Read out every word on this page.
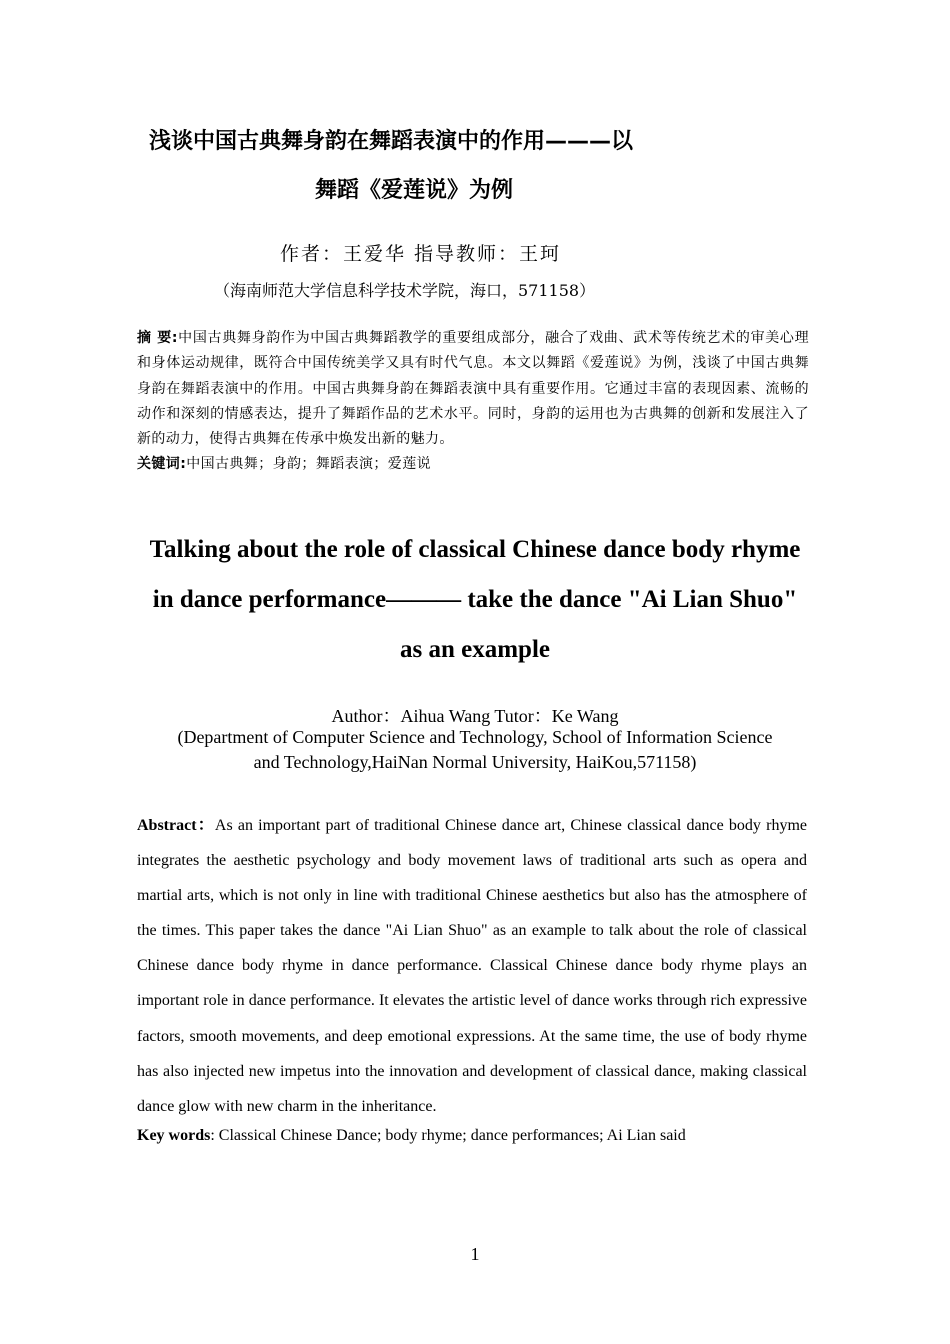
浅谈中国古典舞身韵在舞蹈表演中的作用———以
舞蹈《爱莲说》为例
作者：王爱华 指导教师：王珂
（海南师范大学信息科学技术学院，海口，571158）
摘 要:中国古典舞身韵作为中国古典舞蹈教学的重要组成部分，融合了戏曲、武术等传统艺术的审美心理和身体运动规律，既符合中国传统美学又具有时代气息。本文以舞蹈《爱莲说》为例，浅谈了中国古典舞身韵在舞蹈表演中的作用。中国古典舞身韵在舞蹈表演中具有重要作用。它通过丰富的表现因素、流畅的动作和深刻的情感表达，提升了舞蹈作品的艺术水平。同时，身韵的运用也为古典舞的创新和发展注入了新的动力，使得古典舞在传承中焕发出新的魅力。
关键词:中国古典舞；身韵；舞蹈表演；爱莲说
Talking about the role of classical Chinese dance body rhyme
in dance performance——— take the dance "Ai Lian Shuo"
as an example
Author：Aihua Wang Tutor：Ke Wang
(Department of Computer Science and Technology, School of Information Science
and Technology,HaiNan Normal University, HaiKou,571158)
Abstract：As an important part of traditional Chinese dance art, Chinese classical dance body rhyme integrates the aesthetic psychology and body movement laws of traditional arts such as opera and martial arts, which is not only in line with traditional Chinese aesthetics but also has the atmosphere of the times. This paper takes the dance "Ai Lian Shuo" as an example to talk about the role of classical Chinese dance body rhyme in dance performance. Classical Chinese dance body rhyme plays an important role in dance performance. It elevates the artistic level of dance works through rich expressive factors, smooth movements, and deep emotional expressions. At the same time, the use of body rhyme has also injected new impetus into the innovation and development of classical dance, making classical dance glow with new charm in the inheritance.
Key words: Classical Chinese Dance; body rhyme; dance performances; Ai Lian said
1
